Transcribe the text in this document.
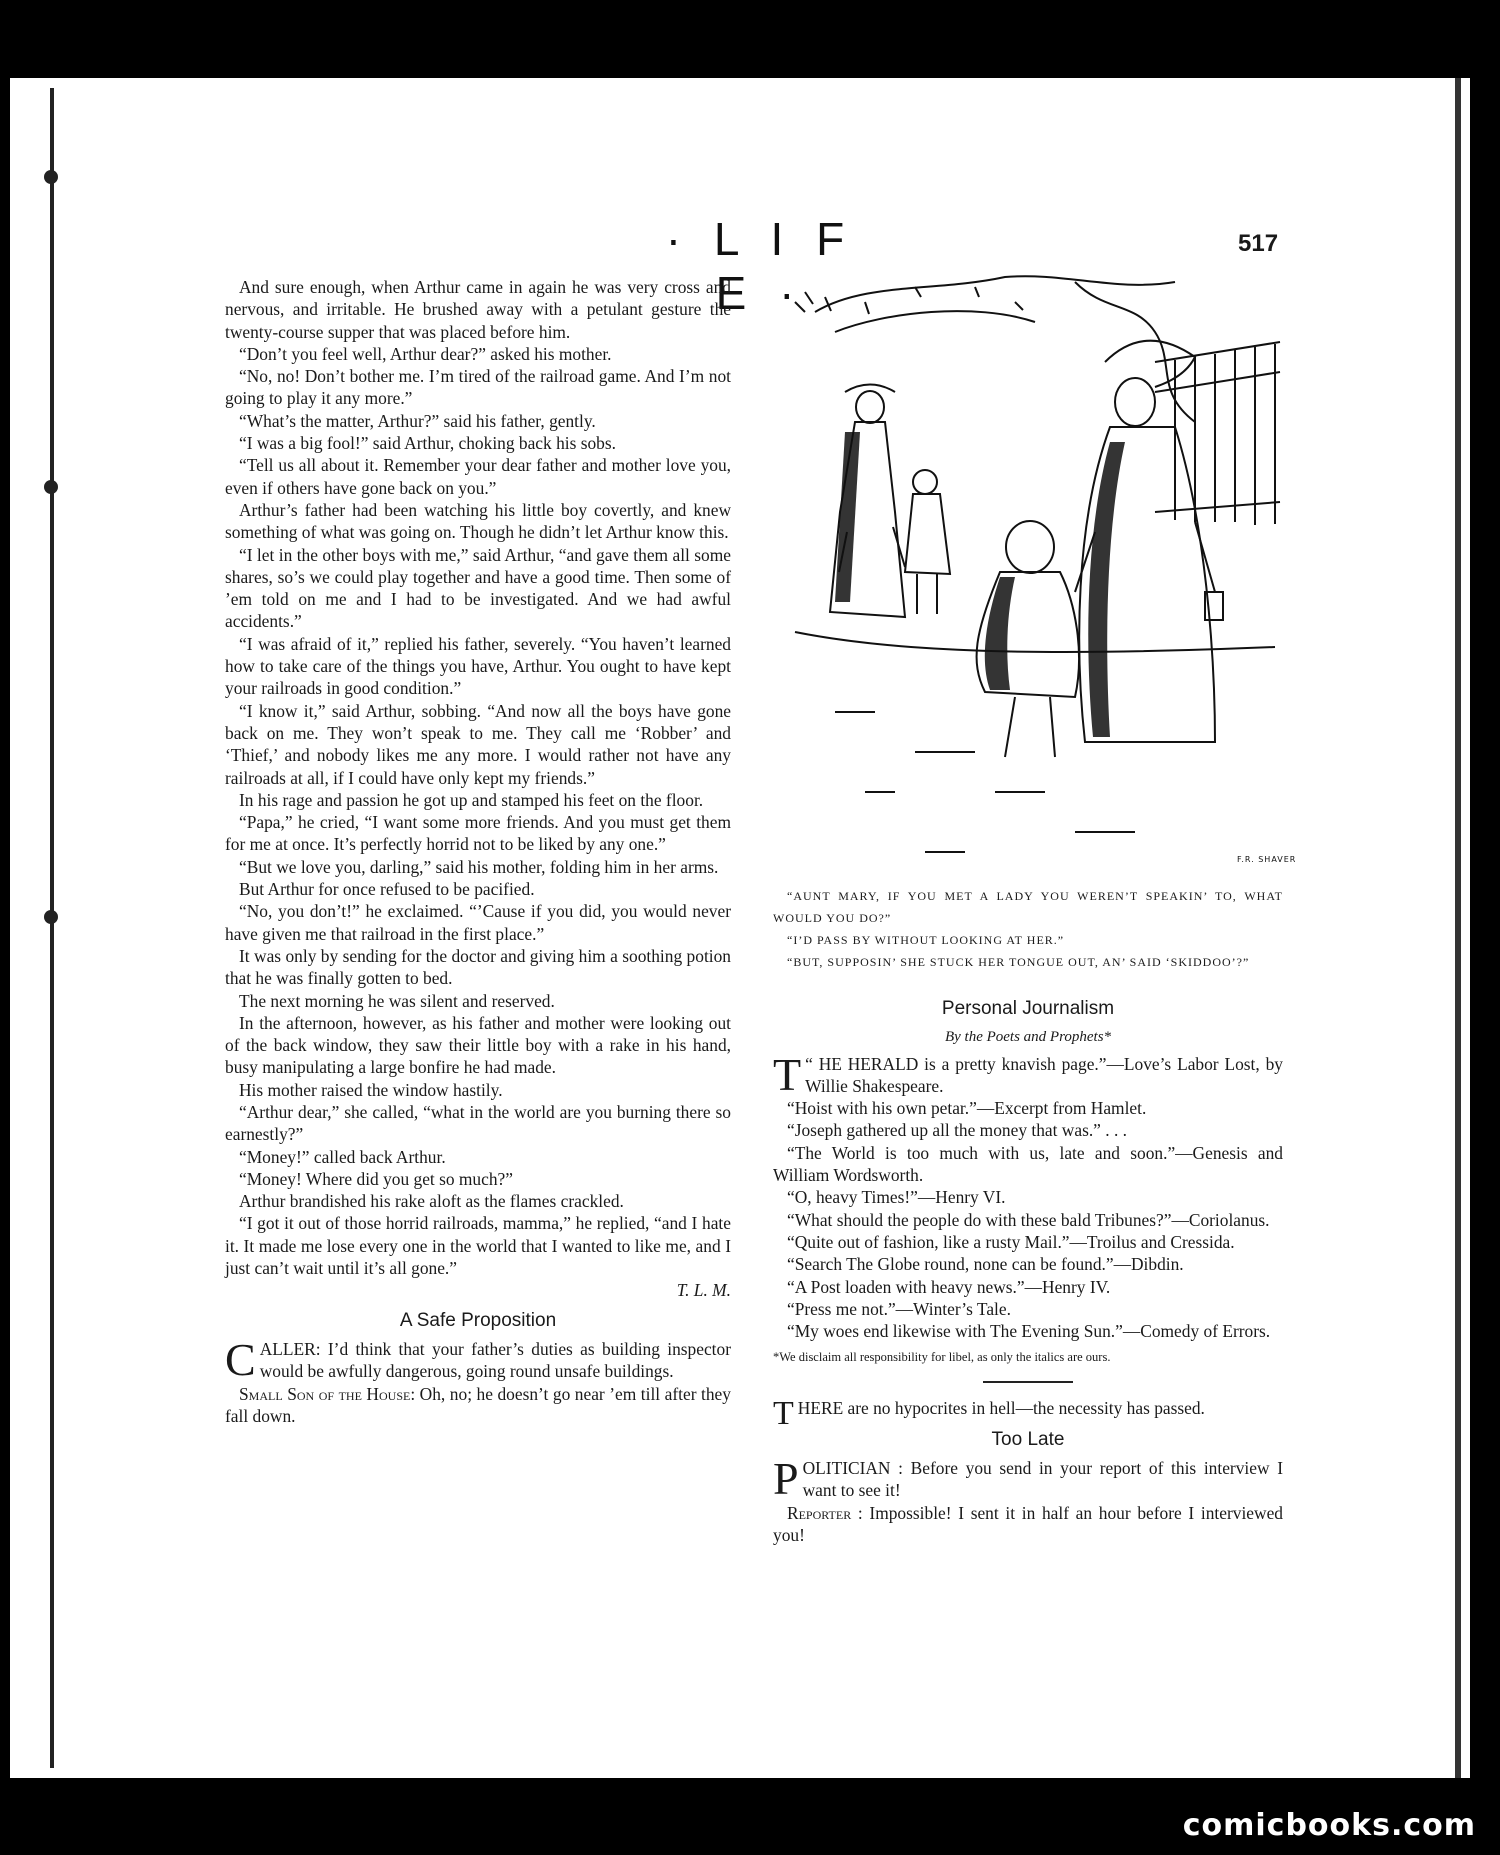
· L I F E ·
517

And sure enough, when Arthur came in again he was very cross and nervous, and irritable. He brushed away with a petulant gesture the twenty-course supper that was placed before him.

“Don’t you feel well, Arthur dear?” asked his mother.

“No, no! Don’t bother me. I’m tired of the railroad game. And I’m not going to play it any more.”

“What’s the matter, Arthur?” said his father, gently.

“I was a big fool!” said Arthur, choking back his sobs.

“Tell us all about it. Remember your dear father and mother love you, even if others have gone back on you.”

Arthur’s father had been watching his little boy covertly, and knew something of what was going on. Though he didn’t let Arthur know this.

“I let in the other boys with me,” said Arthur, “and gave them all some shares, so’s we could play together and have a good time. Then some of ’em told on me and I had to be investigated. And we had awful accidents.”

“I was afraid of it,” replied his father, severely. “You haven’t learned how to take care of the things you have, Arthur. You ought to have kept your railroads in good condition.”

“I know it,” said Arthur, sobbing. “And now all the boys have gone back on me. They won’t speak to me. They call me ‘Robber’ and ‘Thief,’ and nobody likes me any more. I would rather not have any railroads at all, if I could have only kept my friends.”

In his rage and passion he got up and stamped his feet on the floor.

“Papa,” he cried, “I want some more friends. And you must get them for me at once. It’s perfectly horrid not to be liked by any one.”

“But we love you, darling,” said his mother, folding him in her arms.

But Arthur for once refused to be pacified.

“No, you don’t!” he exclaimed. “’Cause if you did, you would never have given me that railroad in the first place.”

It was only by sending for the doctor and giving him a soothing potion that he was finally gotten to bed.

The next morning he was silent and reserved.

In the afternoon, however, as his father and mother were looking out of the back window, they saw their little boy with a rake in his hand, busy manipulating a large bonfire he had made.

His mother raised the window hastily.

“Arthur dear,” she called, “what in the world are you burning there so earnestly?”

“Money!” called back Arthur.

“Money! Where did you get so much?”

Arthur brandished his rake aloft as the flames crackled.

“I got it out of those horrid railroads, mamma,” he replied, “and I hate it. It made me lose every one in the world that I wanted to like me, and I just can’t wait until it’s all gone.”

T. L. M.

A Safe Proposition

CALLER: I’d think that your father’s duties as building inspector would be awfully dangerous, going round unsafe buildings.

Small Son of the House: Oh, no; he doesn’t go near ’em till after they fall down.

F.R. SHAVER

“AUNT MARY, IF YOU MET A LADY YOU WEREN’T SPEAKIN’ TO, WHAT WOULD YOU DO?”

“I’D PASS BY WITHOUT LOOKING AT HER.”

“BUT, SUPPOSIN’ SHE STUCK HER TONGUE OUT, AN’ SAID ‘SKIDDOO’?”

Personal Journalism
By the Poets and Prophets*

“
T HE HERALD is a pretty knavish page.”—Love’s Labor Lost, by Willie Shakespeare.

“Hoist with his own petar.”—Excerpt from Hamlet.

“Joseph gathered up all the money that was.” . . .

“The World is too much with us, late and soon.”—Genesis and William Wordsworth.

“O, heavy Times!”—Henry VI.

“What should the people do with these bald Tribunes?”—Coriolanus.

“Quite out of fashion, like a rusty Mail.”—Troilus and Cressida.

“Search The Globe round, none can be found.”—Dibdin.

“A Post loaden with heavy news.”—Henry IV.

“Press me not.”—Winter’s Tale.

“My woes end likewise with The Evening Sun.”—Comedy of Errors.

*We disclaim all responsibility for libel, as only the italics are ours.

THERE are no hypocrites in hell—the necessity has passed.

Too Late

POLITICIAN : Before you send in your report of this interview I want to see it!

Reporter : Impossible! I sent it in half an hour before I interviewed you!

comicbooks.com
